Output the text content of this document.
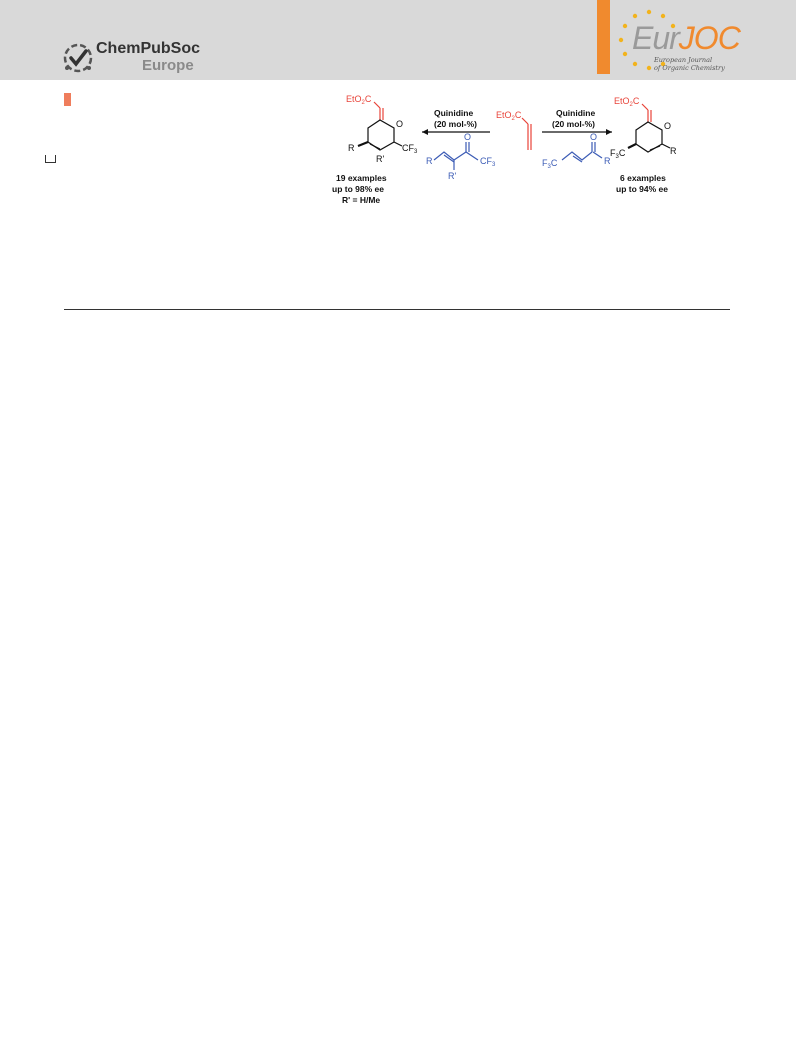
ChemPubSoc
Europe
EurJOC
European Journal
of Organic Chemistry
EtO$_2$C
O
R
R'
$CF_3$
19 examples
up to 98% ee
R' = H/Me
Quinidine
(20 mol-%)
R
O
R'
$CF_3$
EtO$_2$C	Quinidine
(20 mol-%)
$F_3C$
O
R
EtO$_2$C
O
$F_3C$	R
6 examples
up to 94% ee
